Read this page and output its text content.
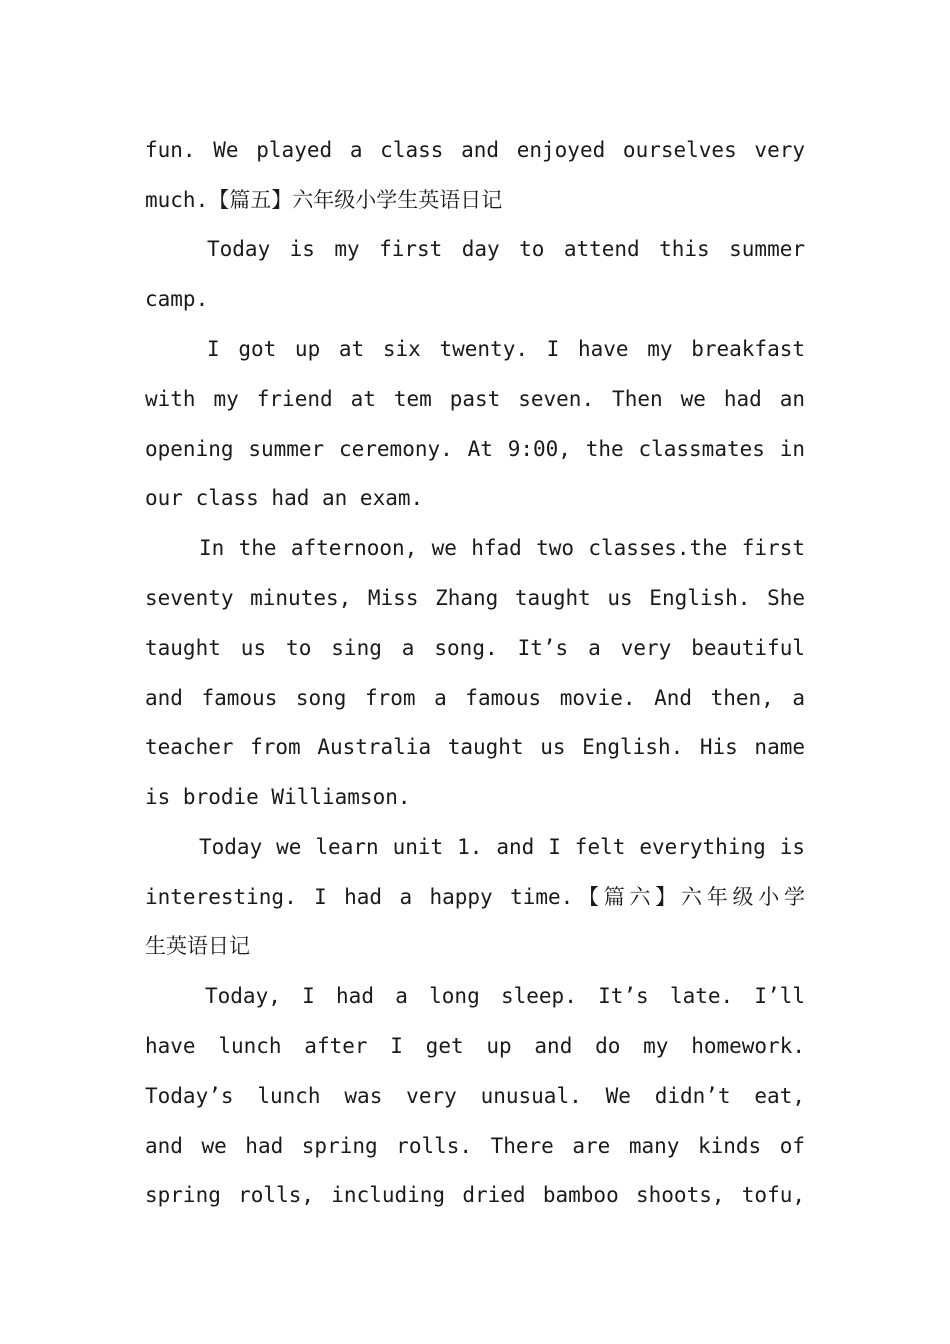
fun. We played a class and enjoyed ourselves very
much.【篇五】六年级小学生英语日记
Today is my first day to attend this summer
camp.
I got up at six twenty. I have my breakfast
with my friend at tem past seven. Then we had an
opening summer ceremony. At 9:00, the classmates in
our class had an exam.
In the afternoon, we hfad two classes.the first
seventy minutes, Miss Zhang taught us English. She
taught us to sing a song. It’s a very beautiful
and famous song from a famous movie. And then, a
teacher from Australia taught us English. His name
is brodie Williamson.
Today we learn unit 1. and I felt everything is
interesting. I had a happy time.【篇六】六年级小学
生英语日记
Today, I had a long sleep. It’s late. I’ll
have lunch after I get up and do my homework.
Today’s lunch was very unusual. We didn’t eat,
and we had spring rolls. There are many kinds of
spring rolls, including dried bamboo shoots, tofu,
